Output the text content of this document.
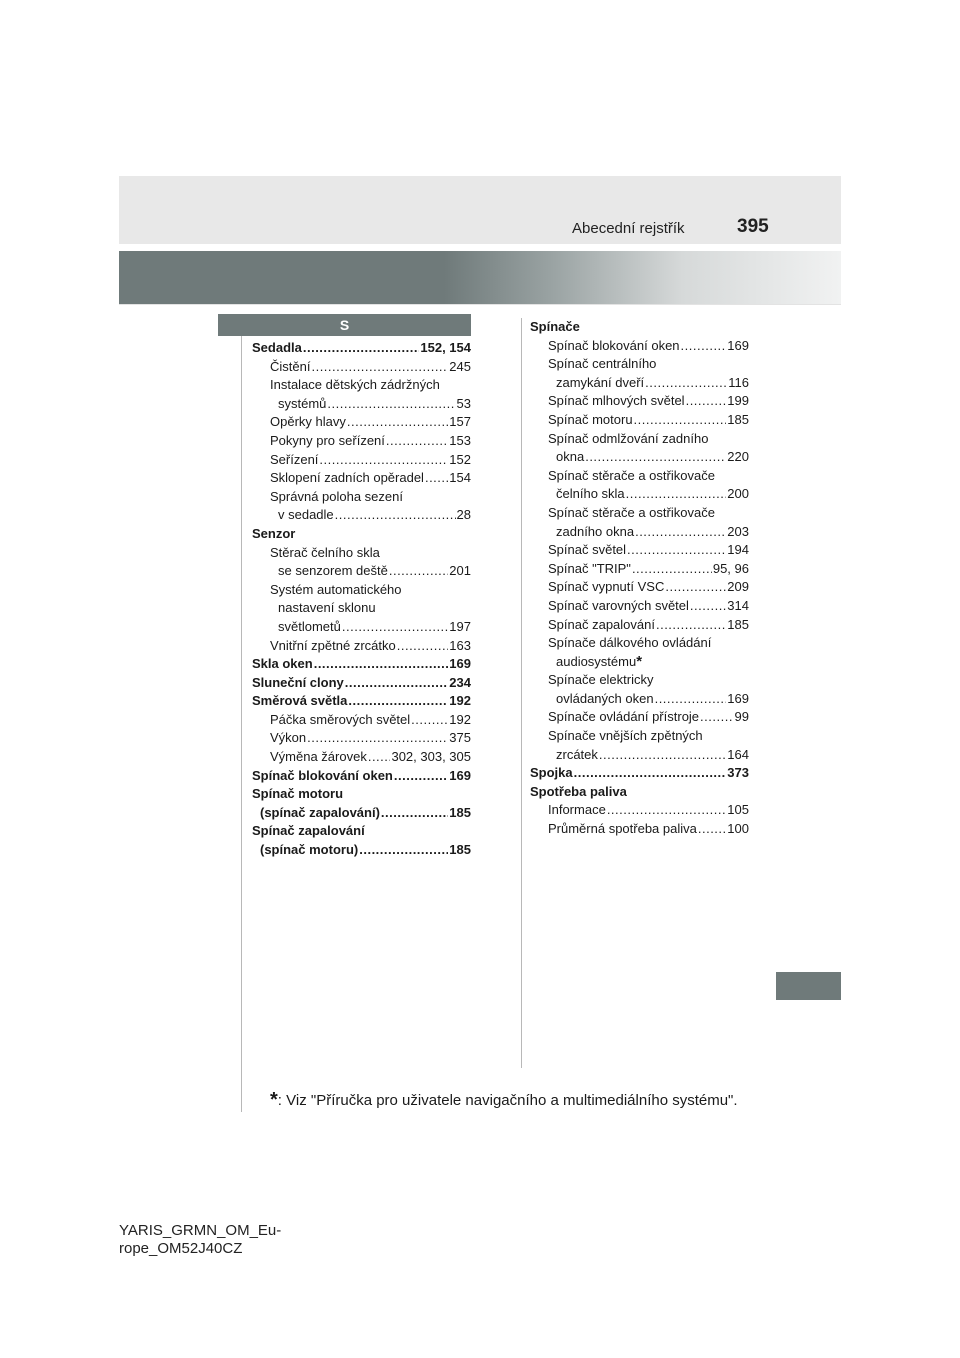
Abecední rejstřík	395
S
Sedadla .....	152, 154
Čistění .....	245
Instalace dětských zádržných
systémů .....	53
Opěrky hlavy .....	157
Pokyny pro seřízení .....	153
Seřízení .....	152
Sklopení zadních opěradel ..... 154
Správná poloha sezení
v sedadle .....	28
Senzor
Stěrač čelního skla
se senzorem deště .....	201
Systém automatického
nastavení sklonu
světlometů .....	197
Vnitřní zpětné zrcátko .....	163
Skla oken .....	169
Sluneční clony .....	234
Směrová světla .....	192
Páčka směrových světel .....	192
Výkon .....	375
Výměna žárovek ..... 302, 303, 305
Spínač blokování oken .....	169
Spínač motoru
(spínač zapalování) .....	185
Spínač zapalování
(spínač motoru) .....	185
Spínače
Spínač blokování oken .....	169
Spínač centrálního
zamykání dveří .....	116
Spínač mlhových světel .....	199
Spínač motoru .....	185
Spínač odmlžování zadního
okna .....	220
Spínač stěrače a ostřikovače
čelního skla .....	200
Spínač stěrače a ostřikovače
zadního okna .....	203
Spínač světel .....	194
Spínač "TRIP" .....	95, 96
Spínač vypnutí VSC .....	209
Spínač varovných světel .....	314
Spínač zapalování .....	185
Spínače dálkového ovládání
audiosystému *
Spínače elektricky
ovládaných oken .....	169
Spínače ovládání přístroje .....	99
Spínače vnějších zpětných
zrcátek .....	164
Spojka .....	373
Spotřeba paliva
Informace .....	105
Průměrná spotřeba paliva ..... 100
*: Viz "Příručka pro uživatele navigačního a multimediálního systému".
YARIS_GRMN_OM_Eu-
rope_OM52J40CZ
